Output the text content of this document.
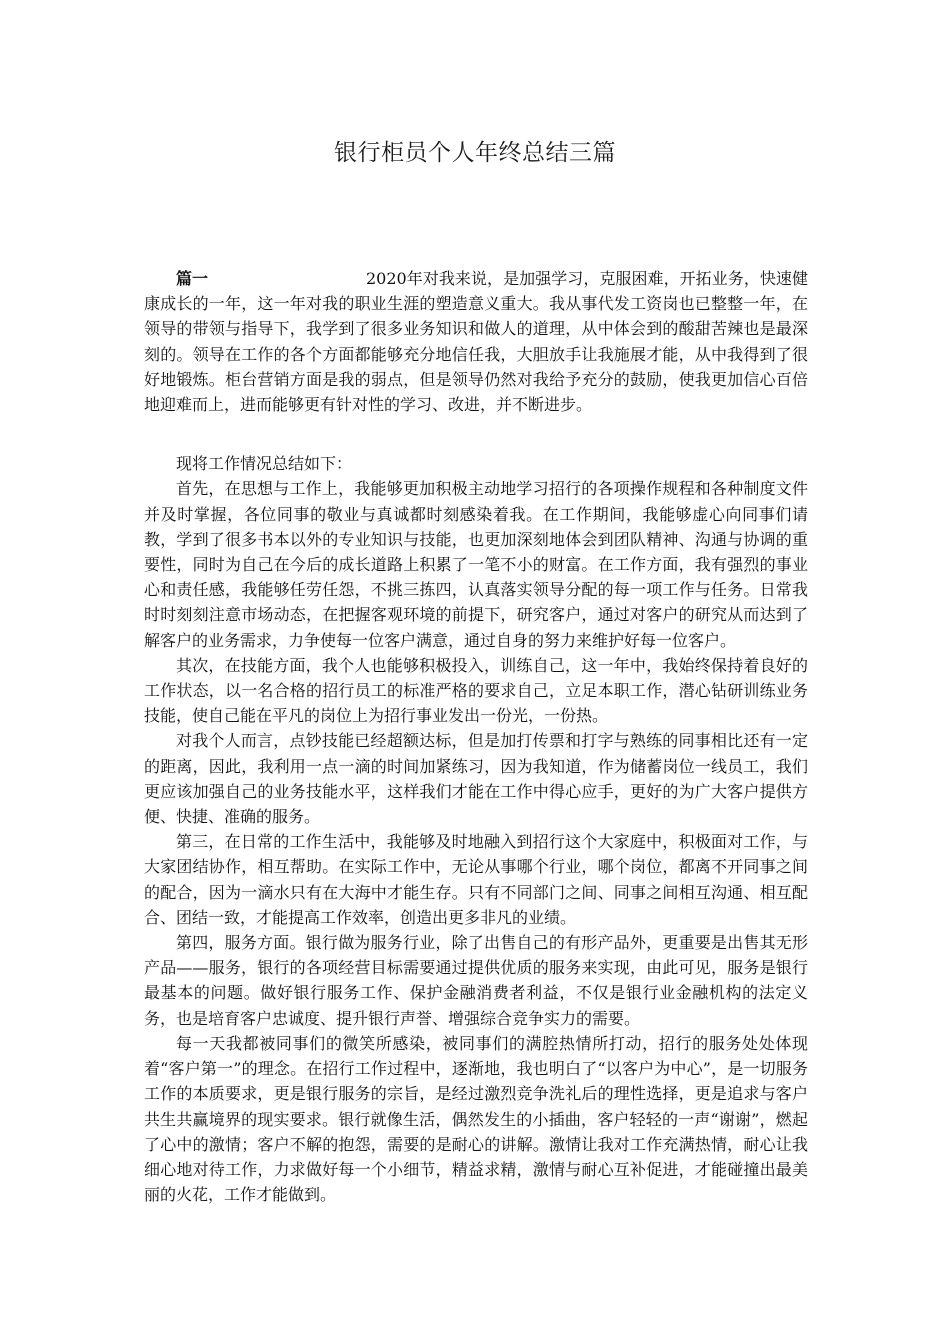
银行柜员个人年终总结三篇

篇一	2020年对我来说，是加强学习，克服困难，开拓业务，快速健康成长的一年，这一年对我的职业生涯的塑造意义重大。我从事代发工资岗也已整整一年，在领导的带领与指导下，我学到了很多业务知识和做人的道理，从中体会到的酸甜苦辣也是最深刻的。领导在工作的各个方面都能够充分地信任我，大胆放手让我施展才能，从中我得到了很好地锻炼。柜台营销方面是我的弱点，但是领导仍然对我给予充分的鼓励，使我更加信心百倍地迎难而上，进而能够更有针对性的学习、改进，并不断进步。

现将工作情况总结如下：

首先，在思想与工作上，我能够更加积极主动地学习招行的各项操作规程和各种制度文件并及时掌握，各位同事的敬业与真诚都时刻感染着我。在工作期间，我能够虚心向同事们请教，学到了很多书本以外的专业知识与技能，也更加深刻地体会到团队精神、沟通与协调的重要性，同时为自己在今后的成长道路上积累了一笔不小的财富。在工作方面，我有强烈的事业心和责任感，我能够任劳任怨，不挑三拣四，认真落实领导分配的每一项工作与任务。日常我时时刻刻注意市场动态，在把握客观环境的前提下，研究客户，通过对客户的研究从而达到了解客户的业务需求，力争使每一位客户满意，通过自身的努力来维护好每一位客户。

其次，在技能方面，我个人也能够积极投入，训练自己，这一年中，我始终保持着良好的工作状态，以一名合格的招行员工的标准严格的要求自己，立足本职工作，潜心钻研训练业务技能，使自己能在平凡的岗位上为招行事业发出一份光，一份热。

对我个人而言，点钞技能已经超额达标，但是加打传票和打字与熟练的同事相比还有一定的距离，因此，我利用一点一滴的时间加紧练习，因为我知道，作为储蓄岗位一线员工，我们更应该加强自己的业务技能水平，这样我们才能在工作中得心应手，更好的为广大客户提供方便、快捷、准确的服务。

第三，在日常的工作生活中，我能够及时地融入到招行这个大家庭中，积极面对工作，与大家团结协作，相互帮助。在实际工作中，无论从事哪个行业，哪个岗位，都离不开同事之间的配合，因为一滴水只有在大海中才能生存。只有不同部门之间、同事之间相互沟通、相互配合、团结一致，才能提高工作效率，创造出更多非凡的业绩。

第四，服务方面。银行做为服务行业，除了出售自己的有形产品外，更重要是出售其无形产品——服务，银行的各项经营目标需要通过提供优质的服务来实现，由此可见，服务是银行最基本的问题。做好银行服务工作、保护金融消费者利益，不仅是银行业金融机构的法定义务，也是培育客户忠诚度、提升银行声誉、增强综合竞争实力的需要。

每一天我都被同事们的微笑所感染，被同事们的满腔热情所打动，招行的服务处处体现着“客户第一”的理念。在招行工作过程中，逐渐地，我也明白了“以客户为中心”，是一切服务工作的本质要求，更是银行服务的宗旨，是经过激烈竞争洗礼后的理性选择，更是追求与客户共生共赢境界的现实要求。银行就像生活，偶然发生的小插曲，客户轻轻的一声“谢谢”，燃起了心中的激情；客户不解的抱怨，需要的是耐心的讲解。激情让我对工作充满热情，耐心让我细心地对待工作，力求做好每一个小细节，精益求精，激情与耐心互补促进，才能碰撞出最美丽的火花，工作才能做到。
